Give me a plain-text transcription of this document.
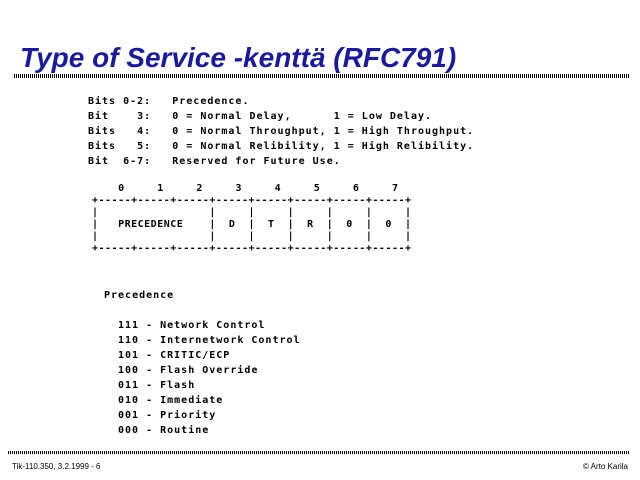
Type of Service -kenttä (RFC791)
Bits 0-2:   Precedence.
Bit    3:   0 = Normal Delay,      1 = Low Delay.
Bits   4:   0 = Normal Throughput, 1 = High Throughput.
Bits   5:   0 = Normal Relibility, 1 = High Relibility.
Bit  6-7:   Reserved for Future Use.
0     1     2     3     4     5     6     7
+-----+-----+-----+-----+-----+-----+-----+-----+
|                 |     |     |     |     |     |
|   PRECEDENCE    |  D  |  T  |  R  |  0  |  0  |
|                 |     |     |     |     |     |
+-----+-----+-----+-----+-----+-----+-----+-----+
Precedence
111 - Network Control
110 - Internetwork Control
101 - CRITIC/ECP
100 - Flash Override
011 - Flash
010 - Immediate
001 - Priority
000 - Routine
Tik-110.350, 3.2.1999 - 6	© Arto Karila
